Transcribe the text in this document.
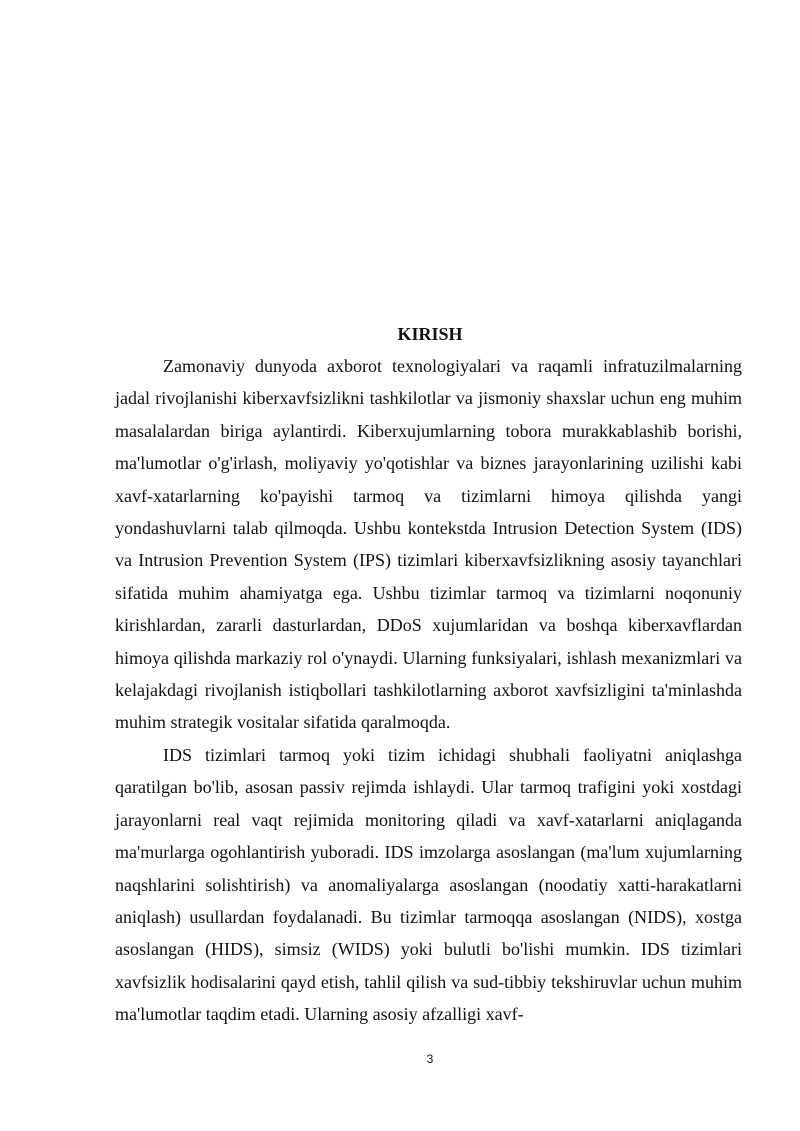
KIRISH

Zamonaviy dunyoda axborot texnologiyalari va raqamli infratuzilmalarning jadal rivojlanishi kiberxavfsizlikni tashkilotlar va jismoniy shaxslar uchun eng muhim masalalardan biriga aylantirdi. Kiberxujumlarning tobora murakkablashib borishi, ma'lumotlar o'g'irlash, moliyaviy yo'qotishlar va biznes jarayonlarining uzilishi kabi xavf-xatarlarning ko'payishi tarmoq va tizimlarni himoya qilishda yangi yondashuvlarni talab qilmoqda. Ushbu kontekstda Intrusion Detection System (IDS) va Intrusion Prevention System (IPS) tizimlari kiberxavfsizlikning asosiy tayanchlari sifatida muhim ahamiyatga ega. Ushbu tizimlar tarmoq va tizimlarni noqonuniy kirishlardan, zararli dasturlardan, DDoS xujumlaridan va boshqa kiberxavflardan himoya qilishda markaziy rol o'ynaydi. Ularning funksiyalari, ishlash mexanizmlari va kelajakdagi rivojlanish istiqbollari tashkilotlarning axborot xavfsizligini ta'minlashda muhim strategik vositalar sifatida qaralmoqda.

IDS tizimlari tarmoq yoki tizim ichidagi shubhali faoliyatni aniqlashga qaratilgan bo'lib, asosan passiv rejimda ishlaydi. Ular tarmoq trafigini yoki xostdagi jarayonlarni real vaqt rejimida monitoring qiladi va xavf-xatarlarni aniqlaganda ma'murlarga ogohlantirish yuboradi. IDS imzolarga asoslangan (ma'lum xujumlarning naqshlarini solishtirish) va anomaliyalarga asoslangan (noodatiy xatti-harakatlarni aniqlash) usullardan foydalanadi. Bu tizimlar tarmoqqa asoslangan (NIDS), xostga asoslangan (HIDS), simsiz (WIDS) yoki bulutli bo'lishi mumkin. IDS tizimlari xavfsizlik hodisalarini qayd etish, tahlil qilish va sud-tibbiy tekshiruvlar uchun muhim ma'lumotlar taqdim etadi. Ularning asosiy afzalligi xavf-

3
